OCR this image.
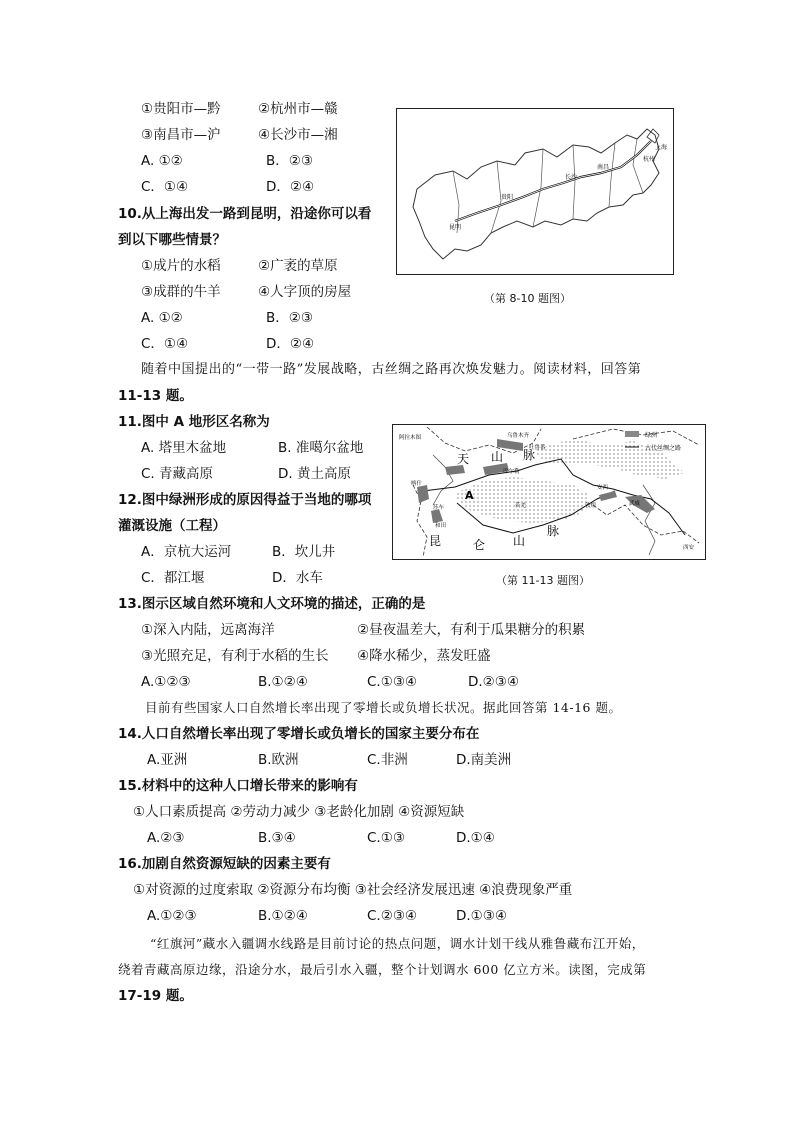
①贵阳市—黔	②杭州市—赣
③南昌市—沪	④长沙市—湘
A. ①②	B．②③
C．①④	D．②④
10.从上海出发一路到昆明，沿途你可以看
到以下哪些情景？
①成片的水稻	②广袤的草原
③成群的牛羊	④人字顶的房屋
A. ①②	B．②③
C．①④	D．②④
昆明
贵阳
长沙
南昌
杭州
上海
（第 8-10 题图）
随着中国提出的“一带一路”发展战略，古丝绸之路再次焕发魅力。阅读材料，回答第
11-13 题。
11.图中 A 地形区名称为
A. 塔里木盆地	B. 准噶尔盆地
C. 青藏高原	D. 黄土高原
12.图中绿洲形成的原因得益于当地的哪项
灌溉设施（工程）
A．京杭大运河	B．坎儿井
C．都江堰	D．水车
绿洲
古代丝绸之路
天 山 脉
A
昆	仑 山
脉
阿拉木图	乌鲁木齐
吐鲁番
库尔勒
喀什
莎车
和田
若羌	敦煌
安西
武威
西安
（第 11-13 题图）
13.图示区域自然环境和人文环境的描述，正确的是
①深入内陆，远离海洋	②昼夜温差大，有利于瓜果糖分的积累
③光照充足，有利于水稻的生长 ④降水稀少，蒸发旺盛
A.①②③	B.①②④	C.①③④	D.②③④
目前有些国家人口自然增长率出现了零增长或负增长状况。据此回答第 14-16 题。
14.人口自然增长率出现了零增长或负增长的国家主要分布在
A.亚洲	B.欧洲	C.非洲	D.南美洲
15.材料中的这种人口增长带来的影响有
①人口素质提高 ②劳动力减少 ③老龄化加剧 ④资源短缺
A.②③	B.③④	C.①③	D.①④
16.加剧自然资源短缺的因素主要有
①对资源的过度索取 ②资源分布均衡 ③社会经济发展迅速 ④浪费现象严重
A.①②③	B.①②④	C.②③④	D.①③④
“红旗河”藏水入疆调水线路是目前讨论的热点问题，调水计划干线从雅鲁藏布江开始，
绕着青藏高原边缘，沿途分水，最后引水入疆，整个计划调水 600 亿立方米。读图，完成第
17-19 题。
